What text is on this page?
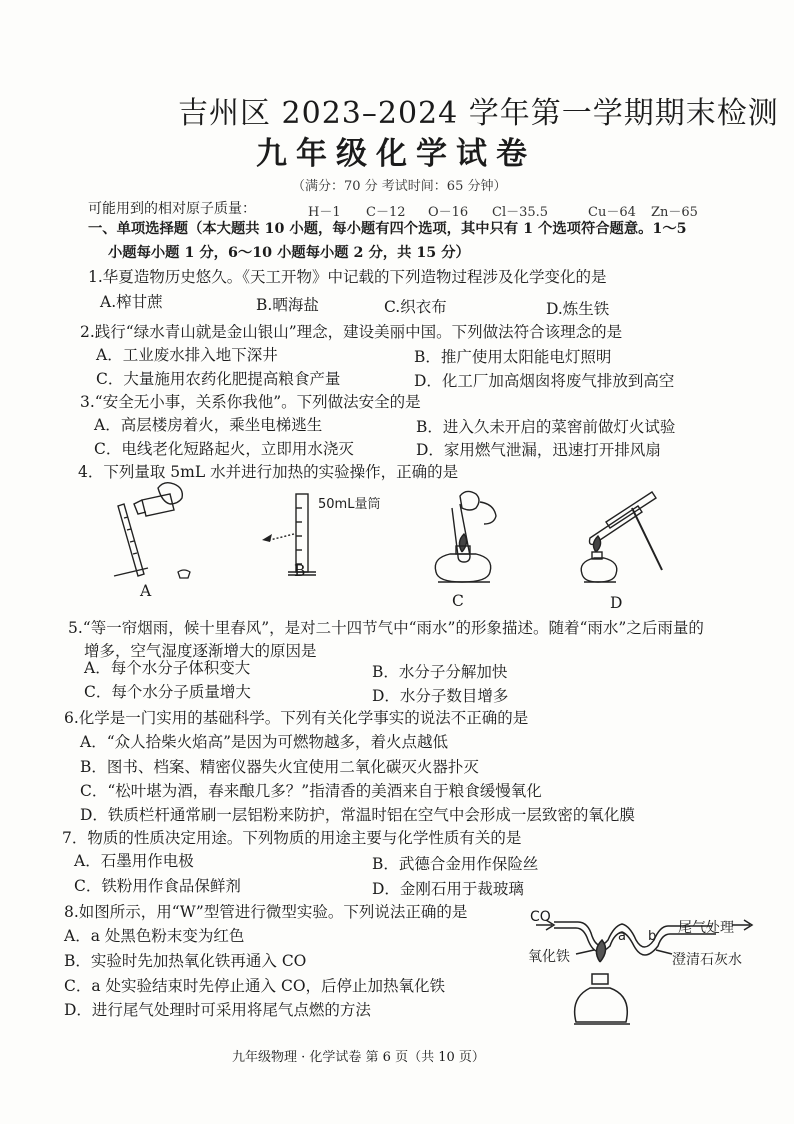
吉州区 2023–2024 学年第一学期期末检测
九年级化学试卷
（满分：70 分 考试时间：65 分钟）
可能用到的相对原子质量：	H－1 C－12 O－16 Cl－35.5	Cu－64 Zn－65
一、单项选择题（本大题共 10 小题，每小题有四个选项，其中只有 1 个选项符合题意。1～5
小题每小题 1 分，6～10 小题每小题 2 分，共 15 分）
1.华夏造物历史悠久。《天工开物》中记载的下列造物过程涉及化学变化的是
A.榨甘蔗	B.晒海盐	C.织衣布	D.炼生铁
2.践行“绿水青山就是金山银山”理念，建设美丽中国。下列做法符合该理念的是
A．工业废水排入地下深井	B．推广使用太阳能电灯照明
C．大量施用农药化肥提高粮食产量	D．化工厂加高烟囱将废气排放到高空
3.“安全无小事，关系你我他”。下列做法安全的是
A．高层楼房着火，乘坐电梯逃生	B．进入久未开启的菜窖前做灯火试验
C．电线老化短路起火，立即用水浇灭	D．家用燃气泄漏，迅速打开排风扇
4．下列量取 5mL 水并进行加热的实验操作，正确的是
50mL量筒
A
B
C	D
5.“等一帘烟雨，候十里春风”，是对二十四节气中“雨水”的形象描述。随着“雨水”之后雨量的
增多，空气湿度逐渐增大的原因是
A．每个水分子体积变大	B．水分子分解加快
C．每个水分子质量增大	D．水分子数目增多
6.化学是一门实用的基础科学。下列有关化学事实的说法不正确的是
A．“众人拾柴火焰高”是因为可燃物越多，着火点越低
B．图书、档案、精密仪器失火宜使用二氧化碳灭火器扑灭
C．“松叶堪为酒，春来酿几多？”指清香的美酒来自于粮食缓慢氧化
D．铁质栏杆通常刷一层铝粉来防护，常温时铝在空气中会形成一层致密的氧化膜
7．物质的性质决定用途。下列物质的用途主要与化学性质有关的是
A．石墨用作电极	B．武德合金用作保险丝
C．铁粉用作食品保鲜剂	D．金刚石用于裁玻璃
8.如图所示，用“W”型管进行微型实验。下列说法正确的是
A．a 处黑色粉末变为红色
B．实验时先加热氧化铁再通入 CO
C．a 处实验结束时先停止通入 CO，后停止加热氧化铁
D．进行尾气处理时可采用将尾气点燃的方法
a b
CO
尾气处理
氧化铁	澄清石灰水
九年级物理 · 化学试卷 第 6 页（共 10 页）
